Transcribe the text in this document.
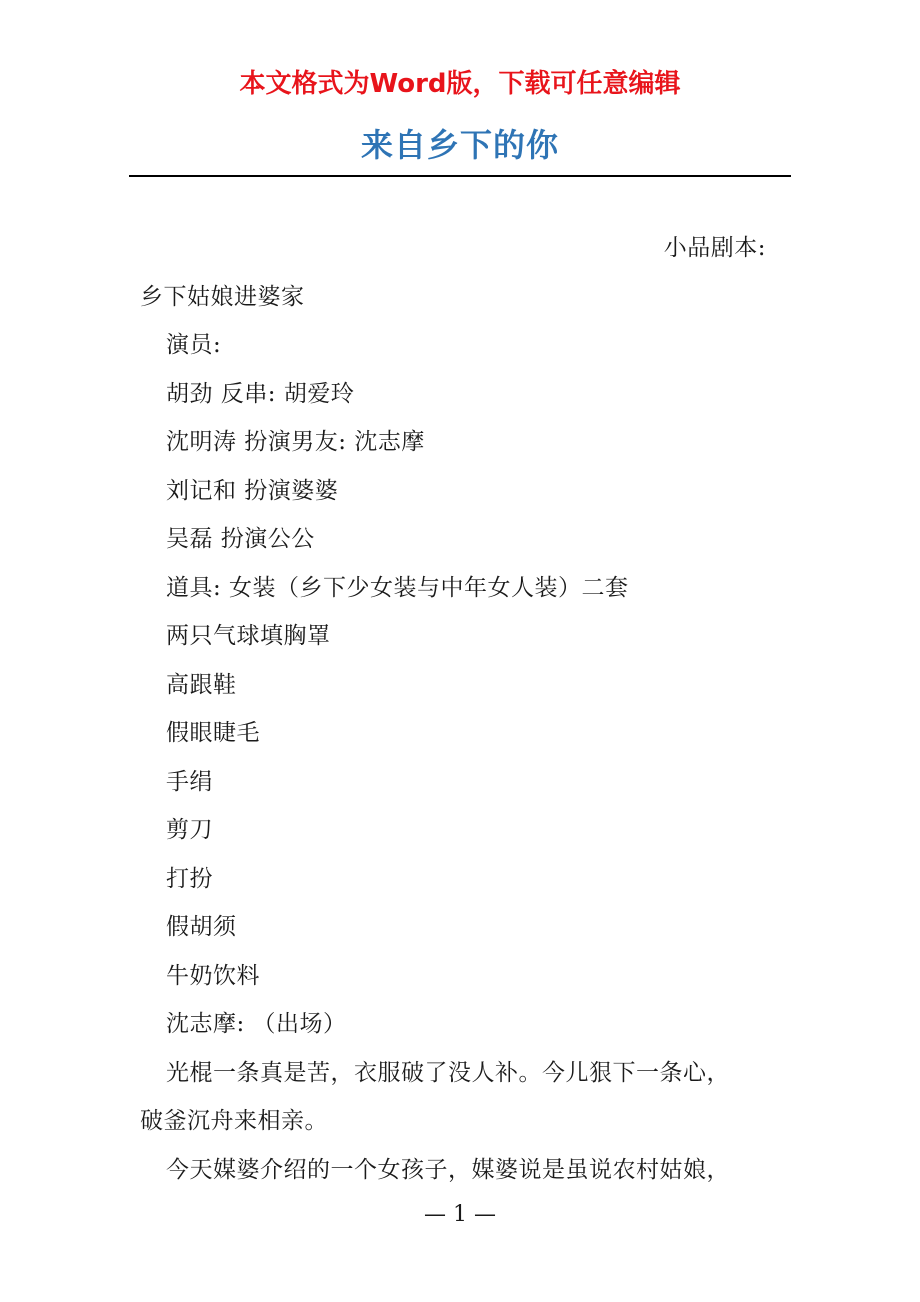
本文格式为Word版，下载可任意编辑
来自乡下的你

小品剧本:

乡下姑娘进婆家

演员:

胡劲 反串: 胡爱玲

沈明涛 扮演男友: 沈志摩

刘记和 扮演婆婆

吴磊 扮演公公

道具: 女装（乡下少女装与中年女人装）二套

两只气球填胸罩

高跟鞋

假眼睫毛

手绢

剪刀

打扮

假胡须

牛奶饮料

沈志摩: （出场）

光棍一条真是苦，衣服破了没人补。今儿狠下一条心，

破釜沉舟来相亲。

今天媒婆介绍的一个女孩子，媒婆说是虽说农村姑娘，

— 1 —
